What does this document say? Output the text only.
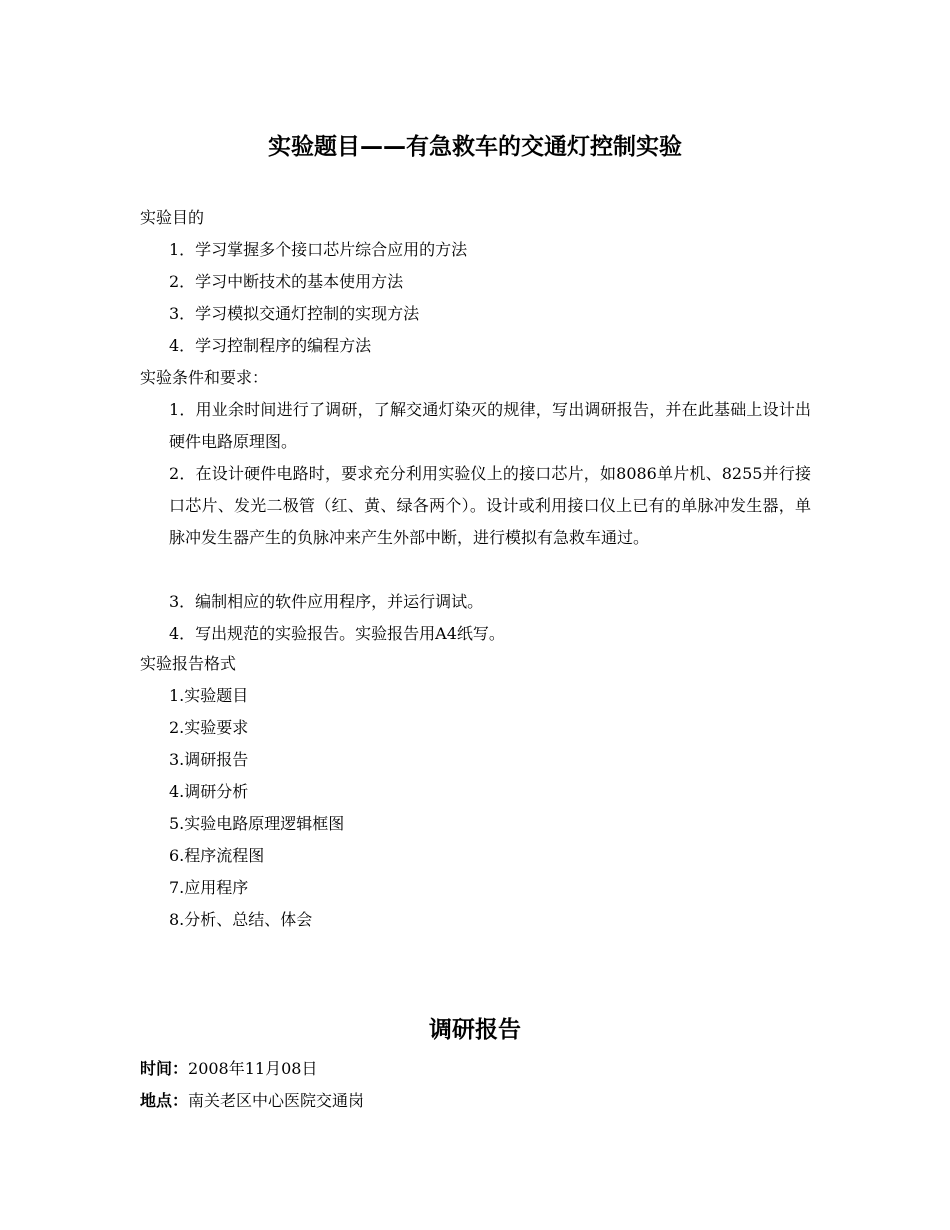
实验题目——有急救车的交通灯控制实验
实验目的
1．学习掌握多个接口芯片综合应用的方法
2．学习中断技术的基本使用方法
3．学习模拟交通灯控制的实现方法
4．学习控制程序的编程方法
实验条件和要求：
1．用业余时间进行了调研，了解交通灯染灭的规律，写出调研报告，并在此基础上设计出硬件电路原理图。
2．在设计硬件电路时，要求充分利用实验仪上的接口芯片，如8086单片机、8255并行接口芯片、发光二极管（红、黄、绿各两个）。设计或利用接口仪上已有的单脉冲发生器，单脉冲发生器产生的负脉冲来产生外部中断，进行模拟有急救车通过。
3．编制相应的软件应用程序，并运行调试。
4．写出规范的实验报告。实验报告用A4纸写。
实验报告格式
1.实验题目
2.实验要求
3.调研报告
4.调研分析
5.实验电路原理逻辑框图
6.程序流程图
7.应用程序
8.分析、总结、体会
调研报告
时间：2008年11月08日
地点：南关老区中心医院交通岗
